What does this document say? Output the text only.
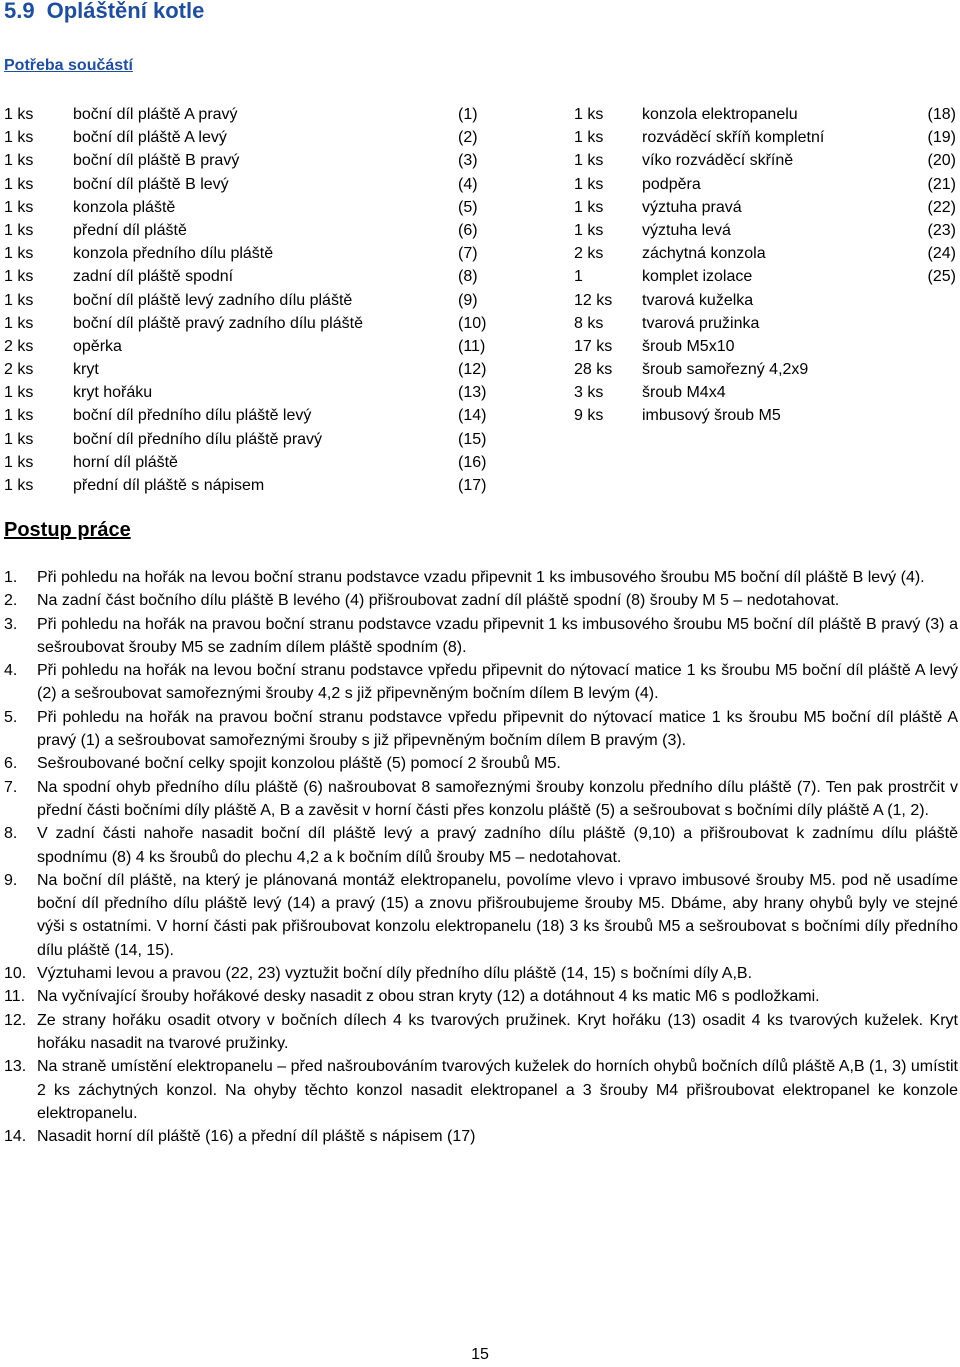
5.9 Opláštění kotle
Potřeba součástí
1 ks boční díl pláště A pravý	(1)
1 ks boční díl pláště A levý	(2)
1 ks boční díl pláště B pravý	(3)
1 ks boční díl pláště B levý	(4)
1 ks konzola pláště	(5)
1 ks přední díl pláště	(6)
1 ks konzola předního dílu pláště	(7)
1 ks zadní díl pláště spodní	(8)
1 ks boční díl pláště levý zadního dílu pláště	(9)
1 ks boční díl pláště pravý zadního dílu pláště	(10)
2 ks opěrka	(11)
2 ks kryt	(12)
1 ks kryt hořáku	(13)
1 ks boční díl předního dílu pláště levý	(14)
1 ks boční díl předního dílu pláště pravý	(15)
1 ks horní díl pláště	(16)
1 ks přední díl pláště s nápisem	(17)
1 ks konzola elektropanelu	(18)
1 ks rozváděcí skříň kompletní	(19)
1 ks víko rozváděcí skříně	(20)
1 ks podpěra	(21)
1 ks výztuha pravá	(22)
1 ks výztuha levá	(23)
2 ks záchytná konzola	(24)
1	komplet izolace	(25)
12 ks tvarová kuželka
8 ks tvarová pružinka
17 ks šroub M5x10
28 ks šroub samořezný 4,2x9
3 ks šroub M4x4
9 ks imbusový šroub M5
Postup práce
1.	Při pohledu na hořák na levou boční stranu podstavce vzadu připevnit 1 ks imbusového šroubu M5 boční díl pláště B levý (4).
2.	Na zadní část bočního dílu pláště B levého (4) přišroubovat zadní díl pláště spodní (8) šrouby M 5 – nedotahovat.
3.	Při pohledu na hořák na pravou boční stranu podstavce vzadu připevnit 1 ks imbusového šroubu M5 boční díl pláště B pravý (3) a sešroubovat šrouby M5 se zadním dílem pláště spodním (8).
4.	Při pohledu na hořák na levou boční stranu podstavce vpředu připevnit do nýtovací matice 1 ks šroubu M5 boční díl pláště A levý (2) a sešroubovat samořeznými šrouby 4,2 s již připevněným bočním dílem B levým (4).
5.	Při pohledu na hořák na pravou boční stranu podstavce vpředu připevnit do nýtovací matice 1 ks šroubu M5 boční díl pláště A pravý (1) a sešroubovat samořeznými šrouby s již připevněným bočním dílem B pravým (3).
6.	Sešroubované boční celky spojit konzolou pláště (5) pomocí 2 šroubů M5.
7.	Na spodní ohyb předního dílu pláště (6) našroubovat 8 samořeznými šrouby konzolu předního dílu pláště (7). Ten pak prostrčit v přední části bočními díly pláště A, B a zavěsit v horní části přes konzolu pláště (5) a sešroubovat s bočními díly pláště A (1, 2).
8.	V zadní části nahoře nasadit boční díl pláště levý a pravý zadního dílu pláště (9,10) a přišroubovat k zadnímu dílu pláště spodnímu (8) 4 ks šroubů do plechu 4,2 a k bočním dílů šrouby M5 – nedotahovat.
9.	Na boční díl pláště, na který je plánovaná montáž elektropanelu, povolíme vlevo i vpravo imbusové šrouby M5. pod ně usadíme boční díl předního dílu pláště levý (14) a pravý (15) a znovu přišroubujeme šrouby M5. Dbáme, aby hrany ohybů byly ve stejné výši s ostatními. V horní části pak přišroubovat konzolu elektropanelu (18) 3 ks šroubů M5 a sešroubovat s bočními díly předního dílu pláště (14, 15).
10. Výztuhami levou a pravou (22, 23) vyztužit boční díly předního dílu pláště (14, 15) s bočními díly A,B.
11. Na vyčnívající šrouby hořákové desky nasadit z obou stran kryty (12) a dotáhnout 4 ks matic M6 s podložkami.
12. Ze strany hořáku osadit otvory v bočních dílech 4 ks tvarových pružinek. Kryt hořáku (13) osadit 4 ks tvarových kuželek. Kryt hořáku nasadit na tvarové pružinky.
13. Na straně umístění elektropanelu – před našroubováním tvarových kuželek do horních ohybů bočních dílů pláště A,B (1, 3) umístit 2 ks záchytných konzol. Na ohyby těchto konzol nasadit elektropanel a 3 šrouby M4 přišroubovat elektropanel ke konzole elektropanelu.
14. Nasadit horní díl pláště (16) a přední díl pláště s nápisem (17)
15
